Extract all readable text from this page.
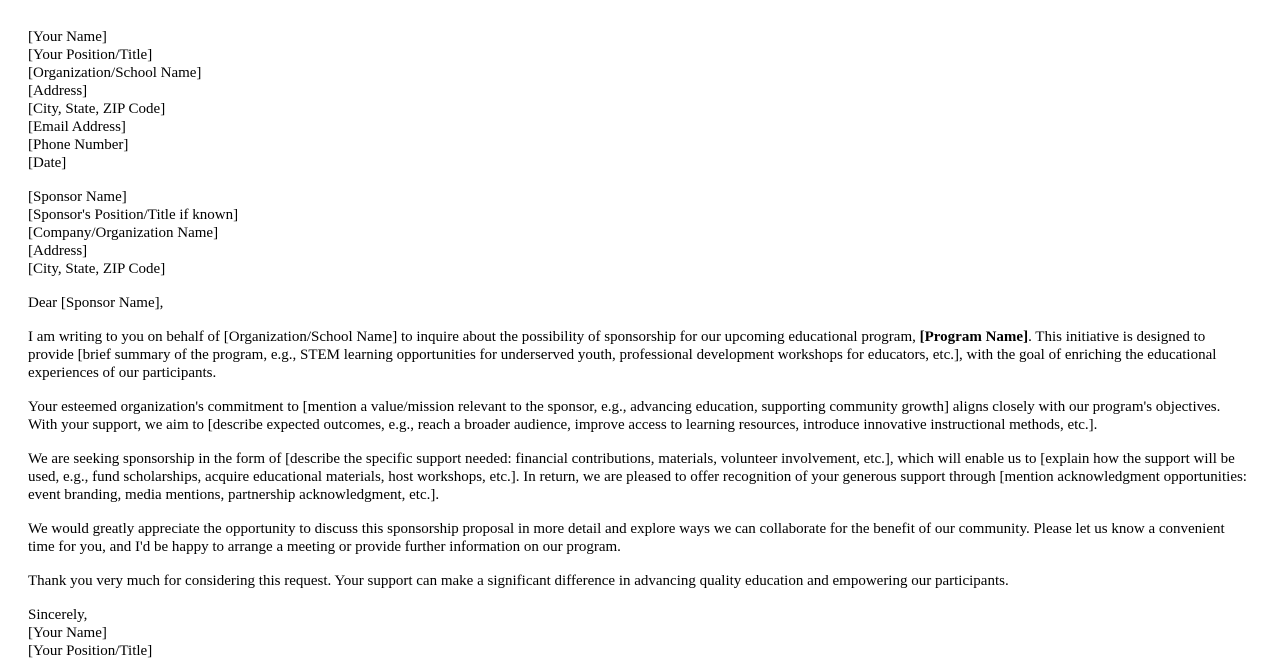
[Your Name]
[Your Position/Title]
[Organization/School Name]
[Address]
[City, State, ZIP Code]
[Email Address]
[Phone Number]
[Date]
[Sponsor Name]
[Sponsor's Position/Title if known]
[Company/Organization Name]
[Address]
[City, State, ZIP Code]

Dear [Sponsor Name],

I am writing to you on behalf of [Organization/School Name] to inquire about the possibility of sponsorship for our upcoming educational program, [Program Name]. This initiative is designed to provide [brief summary of the program, e.g., STEM learning opportunities for underserved youth, professional development workshops for educators, etc.], with the goal of enriching the educational experiences of our participants.

Your esteemed organization's commitment to [mention a value/mission relevant to the sponsor, e.g., advancing education, supporting community growth] aligns closely with our program's objectives. With your support, we aim to [describe expected outcomes, e.g., reach a broader audience, improve access to learning resources, introduce innovative instructional methods, etc.].

We are seeking sponsorship in the form of [describe the specific support needed: financial contributions, materials, volunteer involvement, etc.], which will enable us to [explain how the support will be used, e.g., fund scholarships, acquire educational materials, host workshops, etc.]. In return, we are pleased to offer recognition of your generous support through [mention acknowledgment opportunities: event branding, media mentions, partnership acknowledgment, etc.].

We would greatly appreciate the opportunity to discuss this sponsorship proposal in more detail and explore ways we can collaborate for the benefit of our community. Please let us know a convenient time for you, and I'd be happy to arrange a meeting or provide further information on our program.

Thank you very much for considering this request. Your support can make a significant difference in advancing quality education and empowering our participants.

Sincerely,
[Your Name]
[Your Position/Title]
